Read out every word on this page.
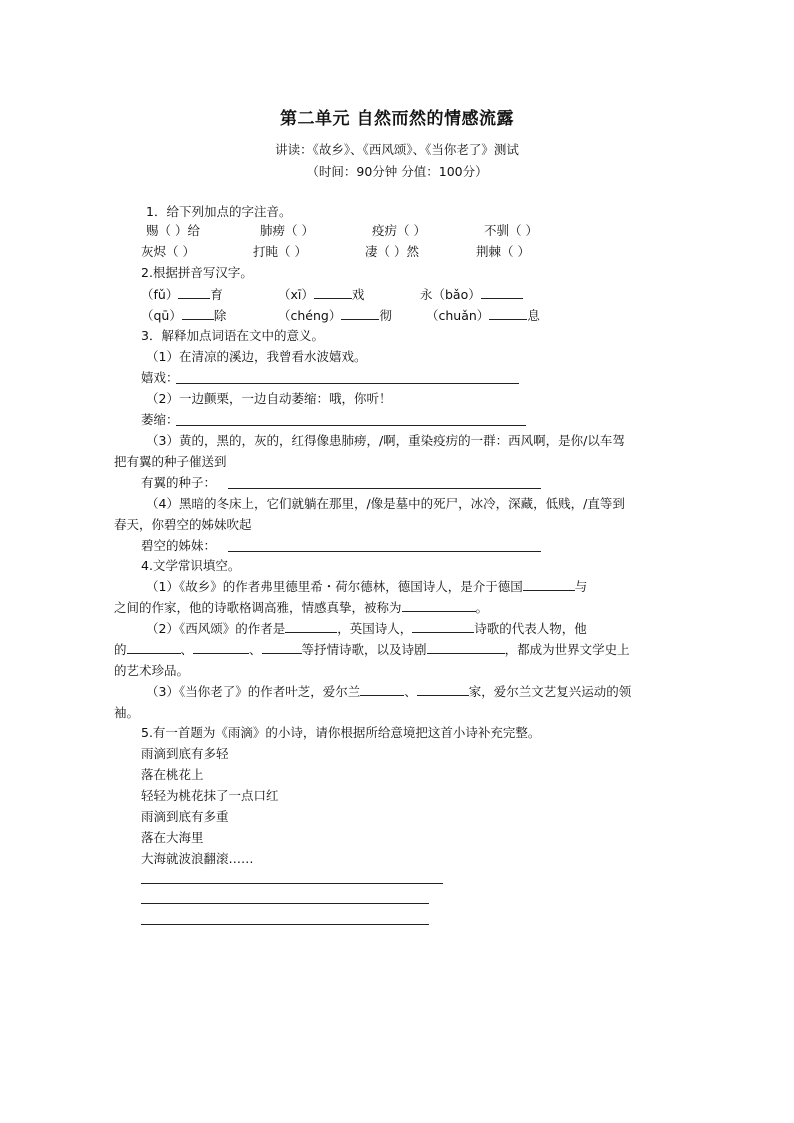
第二单元 自然而然的情感流露
讲读：《故乡》、《西风颂》、《当你老了》测试
（时间：90分钟 分值：100分）
1．给下列加点的字注音。
赐（ ）给	肺痨（ ）	疫疠（ ）	不驯（ ）
灰烬（ ）	打盹（ ）	凄（ ）然	荆棘（ ）
2.根据拼音写汉字。
（fǔ）	育	（xī）	戏	永（bǎo）
（qū）	除	（chéng）	彻	（chuǎn）	息
3．解释加点词语在文中的意义。
（1）在清凉的溪边，我曾看水波嬉戏。
嬉戏：
（2）一边颤栗，一边自动萎缩：哦，你听！
萎缩：
（3）黄的，黑的，灰的，红得像患肺痨，/啊，重染疫疠的一群：西风啊，是你/以车驾
把有翼的种子催送到
有翼的种子：
（4）黑暗的冬床上，它们就躺在那里，/像是墓中的死尸，冰冷，深藏，低贱，/直等到
春天，你碧空的姊妹吹起
碧空的姊妹：
4.文学常识填空。
（1）《故乡》的作者弗里德里希・荷尔德林，德国诗人，是介于德国	与
之间的作家，他的诗歌格调高雅，情感真挚，被称为	。
（2）《西风颂》的作者是	，英国诗人，	诗歌的代表人物，他
的	、	、	等抒情诗歌，以及诗剧	，都成为世界文学史上
的艺术珍品。
（3）《当你老了》的作者叶芝，爱尔兰	、	家，爱尔兰文艺复兴运动的领
袖。
5.有一首题为《雨滴》的小诗，请你根据所给意境把这首小诗补充完整。
雨滴到底有多轻
落在桃花上
轻轻为桃花抹了一点口红
雨滴到底有多重
落在大海里
大海就波浪翻滚……
